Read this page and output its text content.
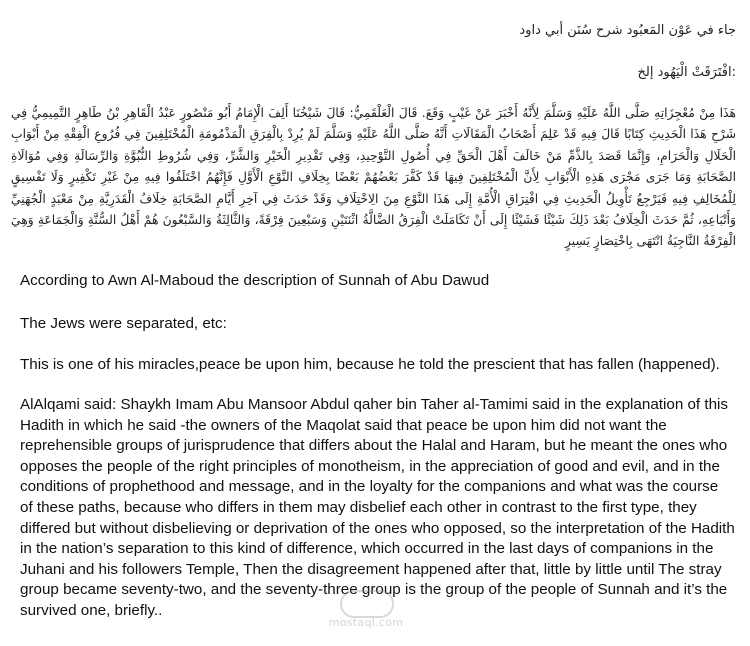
جاء في عَوْن المَعبُود شرح سُنَن أبي داود
:افْتَرَقَتْ الْيَهُود إلخ
هَذَا مِنْ مُعْجِزَاتِهِ صَلَّى اللَّهُ عَلَيْهِ وَسَلَّمَ لِأَنَّهُ أَخْبَرَ عَنْ غَيْبٍ وَقَعَ. قَالَ الْعَلْقَمِيُّ: قَالَ شَيْخُنَا أَلِفَ الْإِمَامُ أَبُو مَنْصُورٍ عَبْدُ الْقَاهِرِ بْنُ طَاهِرٍ التَّمِيمِيُّ فِي شَرْحِ هَذَا الْحَدِيثِ كِتَابًا قَالَ فِيهِ قَدْ عَلِمَ أَصْحَابُ الْمَقَالَاتِ أَنَّهُ صَلَّى اللَّهُ عَلَيْهِ وَسَلَّمَ لَمْ يُرِدْ بِالْفِرَقِ الْمَذْمُومَةِ الْمُخْتَلِفِينَ فِي فُرُوعِ الْفِقْهِ مِنْ أَبْوَابِ الْحَلَالِ وَالْحَرَامِ، وَإِنَّمَا قَصَدَ بِالذَّمِّ مَنْ خَالَفَ أَهْلَ الْحَقِّ فِي أُصُولِ التَّوْحِيدِ، وَفِي تَقْدِيرِ الْخَيْرِ وَالشَّرِّ، وَفِي شُرُوطِ النُّبُوَّةِ وَالرِّسَالَةِ وَفِي مُوَالَاةِ الصَّحَابَةِ وَمَا جَرَى مَجْرَى هَذِهِ الْأَبْوَابِ لِأَنَّ الْمُخْتَلِفِينَ فِيهَا قَدْ كَفَّرَ بَعْضُهُمْ بَعْضًا بِخِلَافِ النَّوْعِ الْأَوَّلِ فَإِنَّهُمُ اخْتَلَفُوا فِيهِ مِنْ غَيْرِ تَكْفِيرٍ وَلَا تَفْسِيقٍ لِلْمُخَالِفِ فِيهِ فَيَرْجِعُ تَأْوِيلُ الْحَدِيثِ فِي افْتِرَاقِ الْأُمَّةِ إِلَى هَذَا النَّوْعِ مِنَ الِاخْتِلَافِ وَقَدْ حَدَثَ فِي آخِرِ أَيَّامِ الصَّحَابَةِ خِلَافُ الْقَدَرِيَّةِ مِنْ مَعْبَدٍ الْجُهَنِيِّ وَأَتْبَاعِهِ، ثُمَّ حَدَثَ الْخِلَافُ بَعْدَ ذَلِكَ شَيْئًا فَشَيْئًا إِلَى أَنْ تَكَامَلَتْ الْفِرَقُ الضَّالَّةُ اثْنَتَيْنِ وَسَبْعِينَ فِرْقَةً، وَالثَّالِثَةُ وَالسَّبْعُونَ هُمْ أَهْلُ السُّنَّةِ وَالْجَمَاعَةِ وَهِيَ الْفِرْقَةُ النَّاجِيَةُ انْتَهَى بِاخْتِصَارٍ يَسِيرٍ
According to Awn Al-Maboud the description of Sunnah of Abu Dawud
The Jews were separated, etc:
This is one of his miracles,peace be upon him, because he told the prescient that has fallen (happened).
AlAlqami said: Shaykh Imam Abu Mansoor Abdul qaher bin Taher al-Tamimi said in the explanation of this Hadith in which he said -the owners of the Maqolat said that peace be upon him did not want the reprehensible groups of jurisprudence that differs about the Halal and Haram, but he meant the ones who opposes the people of the right principles of monotheism, in the appreciation of good and evil, and in the conditions of prophethood and message, and in the loyalty for the companions and what was the course of these paths, because who differs in them may disbelief each other in contrast to the first type, they differed but without disbelieving or deprivation of the ones who opposed, so the interpretation of the Hadith in the nation’s separation to this kind of difference, which occurred in the last days of companions in the Juhani and his followers Temple, Then the disagreement happened after that, little by little until The stray group became seventy-two, and the seventy-three group is the group of the people of Sunnah and it’s the survived one, briefly..
mostaql.com
